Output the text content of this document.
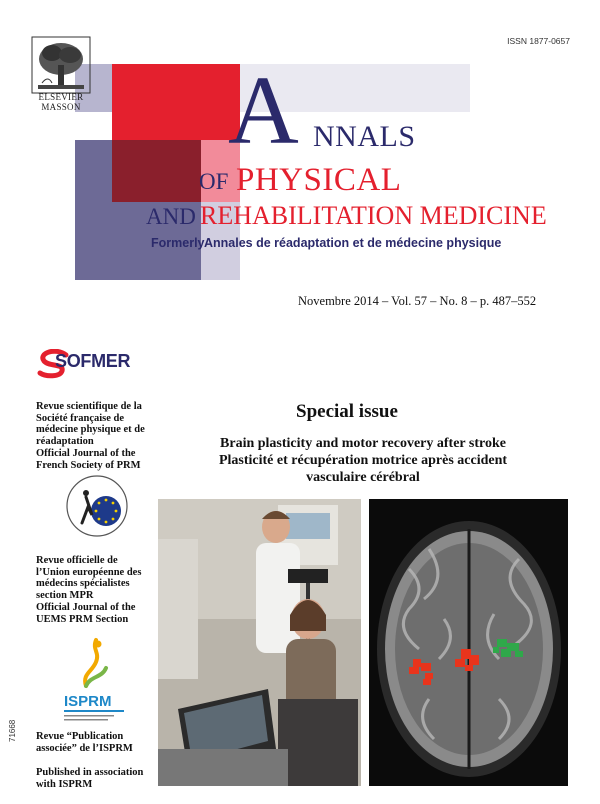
ELSEVIER
MASSON
ISSN 1877-0657
A NNALS
OF PHYSICAL
AND REHABILITATION MEDICINE
Formerly Annales de réadaptation et de médecine physique
Novembre 2014 – Vol. 57 – No. 8 – p. 487–552
SOFMER
Revue scientifique de la Société française de médecine physique et de réadaptation
Official Journal of the French Society of PRM
Revue officielle de l’Union européenne des médecins spécialistes section MPR
Official Journal of the UEMS PRM Section
ISPRM
Revue “Publication associée” de l’ISPRM
Published in association with ISPRM
71668
Special issue
Brain plasticity and motor recovery after stroke
Plasticité et récupération motrice après accident
vasculaire cérébral
